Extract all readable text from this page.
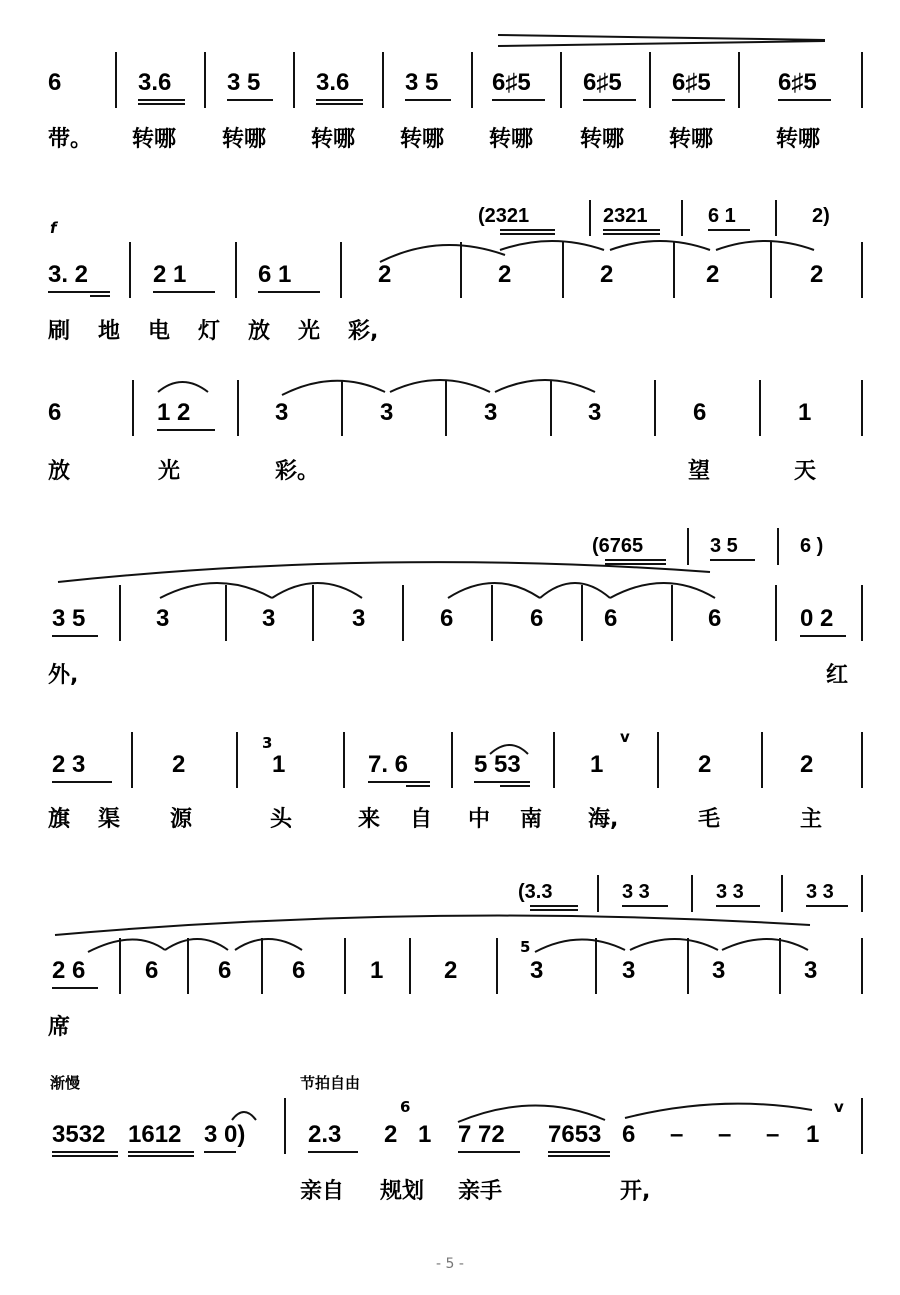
6	3.6 3 5 3.6 3 5 6♯5 6♯5 6♯5	6♯5
带。 转哪 转哪 转哪 转哪 转哪 转哪 转哪	转哪
f
(2321	2321	6 1	2)
3. 2	2 1	6 1	2	2	2	2	2
刷 地 电 灯 放 光 彩,
6	1 2	3	3	3	3	6	1
放	光	彩。	望	天
(6765	3 5	6 )
3 5	3	3	3	6	6	6	6	0 2
外,	红
3	v
2 3	2	1	7. 6	5 53	1	2	2
旗 渠 源	头	来 自 中 南 海,	毛	主
(3.3	3 3	3 3	3 3
5
2 6 6 6	6	1	2	3	3	3	3
席
渐慢	节拍自由
6	v
3532 1612 3 0)	2.3 2 1 7 72 7653 6 – – – 1
亲自 规划 亲手	开,
- 5 -
